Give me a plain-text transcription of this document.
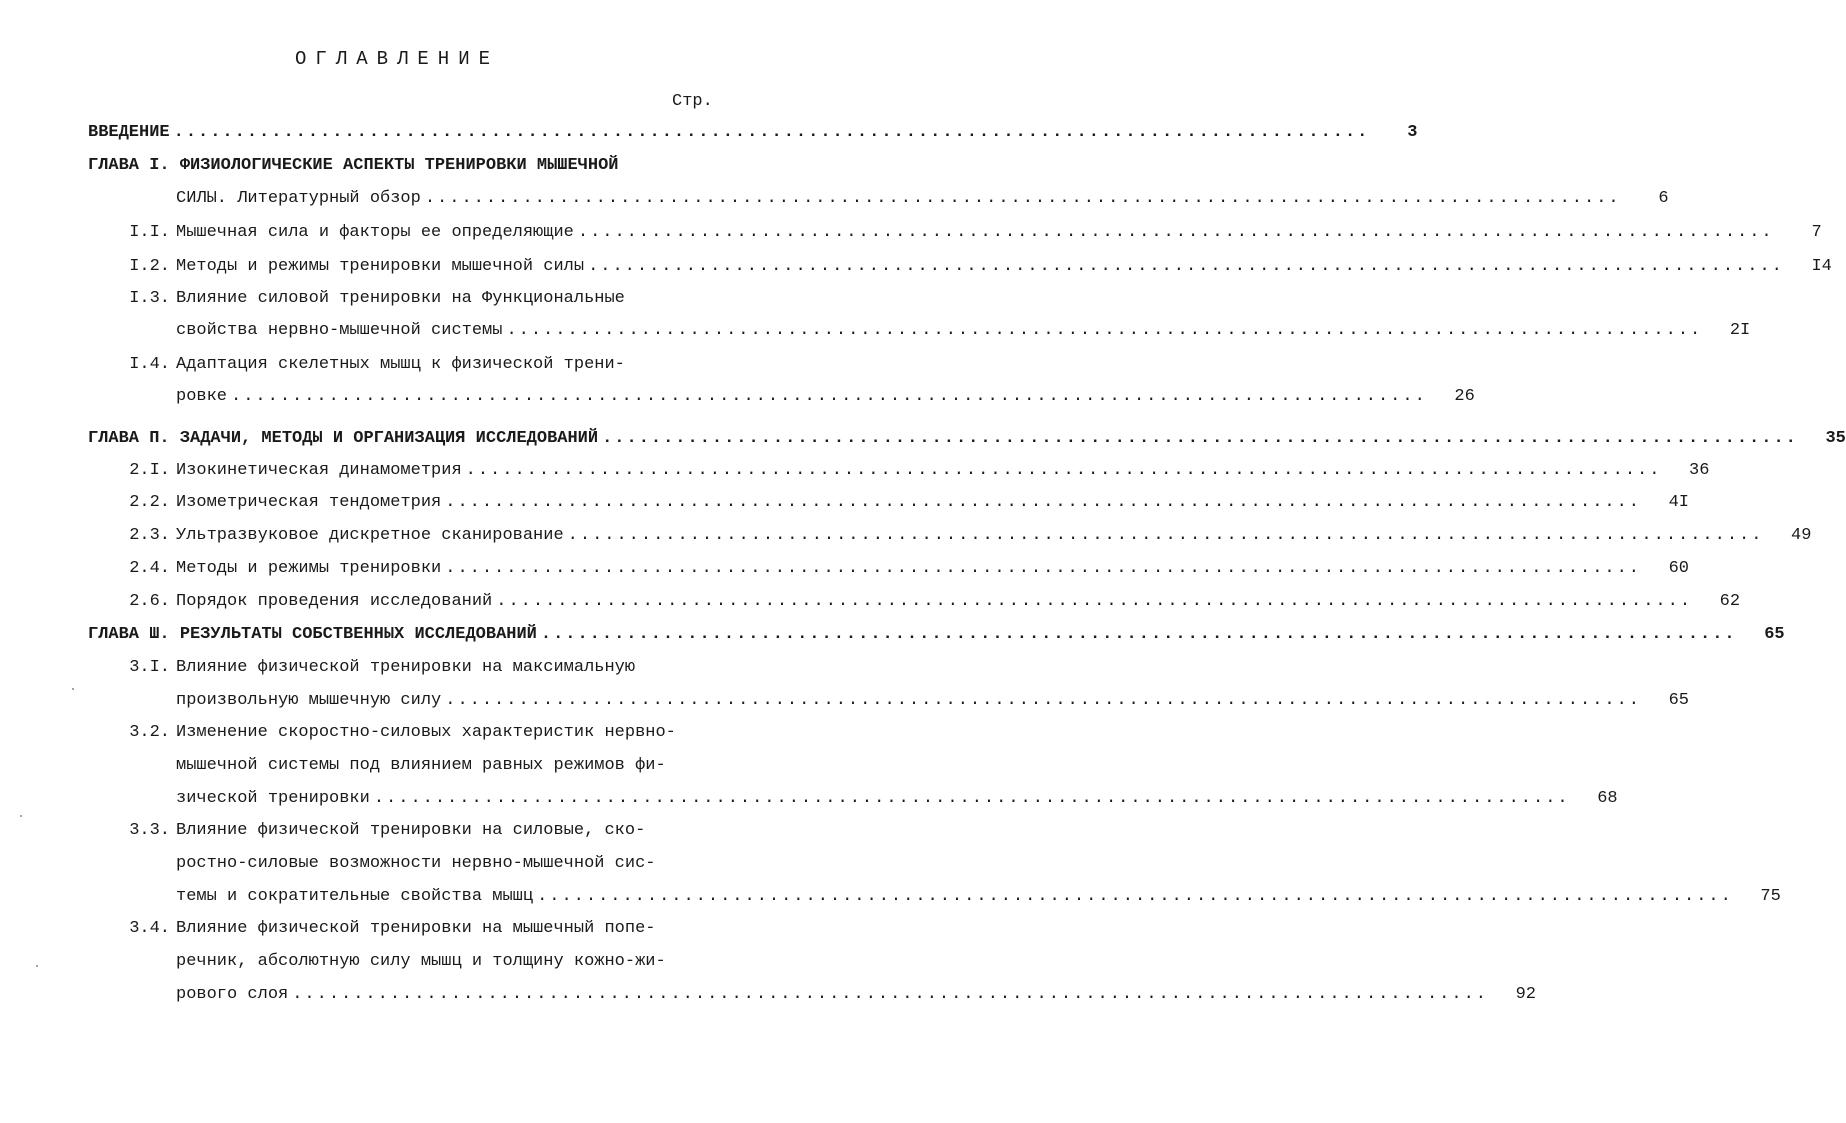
ОГЛАВЛЕНИЕ
Стр.
ВВЕДЕНИЕ ..................................................................................................	3
ГЛАВА I. ФИЗИОЛОГИЧЕСКИЕ АСПЕКТЫ ТРЕНИРОВКИ МЫШЕЧНОЙ
СИЛЫ. Литературный обзор ..................................................................................................	6
I.I. Мышечная сила и факторы ее определяющие ..................................................................................................	7
I.2. Методы и режимы тренировки мышечной силы ..................................................................................................	I4
I.3. Влияние силовой тренировки на Функциональные
свойства нервно-мышечной системы ..................................................................................................	2I
I.4. Адаптация скелетных мышц к физической трени-
ровке ..................................................................................................	26
ГЛАВА П. ЗАДАЧИ, МЕТОДЫ И ОРГАНИЗАЦИЯ ИССЛЕДОВАНИЙ ..................................................................................................	35
2.I. Изокинетическая динамометрия ..................................................................................................	36
2.2. Изометрическая тендометрия ..................................................................................................	4I
2.3. Ультразвуковое дискретное сканирование ..................................................................................................	49
2.4. Методы и режимы тренировки ..................................................................................................	60
2.6. Порядок проведения исследований ..................................................................................................	62
ГЛАВА Ш. РЕЗУЛЬТАТЫ СОБСТВЕННЫХ ИССЛЕДОВАНИЙ ..................................................................................................	65
3.I. Влияние физической тренировки на максимальную
произвольную мышечную силу ..................................................................................................	65
3.2. Изменение скоростно-силовых характеристик нервно-
мышечной системы под влиянием равных режимов фи-
зической тренировки ..................................................................................................	68
3.3. Влияние физической тренировки на силовые, ско-
ростно-силовые возможности нервно-мышечной сис-
темы и сократительные свойства мышц ..................................................................................................	75
3.4. Влияние физической тренировки на мышечный попе-
речник, абсолютную силу мышц и толщину кожно-жи-
рового слоя ..................................................................................................	92
